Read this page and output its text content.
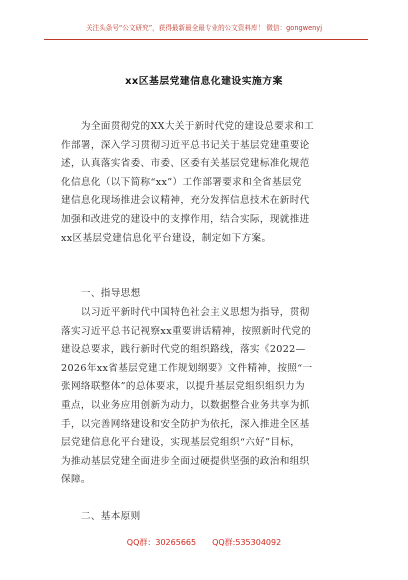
关注头条号“公文研究”，获得最新最全最专业的公文资料库！ 微信：gongwenyj
xx区基层党建信息化建设实施方案
　　为全面贯彻党的XX大关于新时代党的建设总要求和工
作部署，深入学习贯彻习近平总书记关于基层党建重要论
述，认真落实省委、市委、区委有关基层党建标准化规范
化信息化（以下简称“xx”）工作部署要求和全省基层党
建信息化现场推进会议精神，充分发挥信息技术在新时代
加强和改进党的建设中的支撑作用，结合实际，现就推进
xx区基层党建信息化平台建设，制定如下方案。
　　一、指导思想
　　以习近平新时代中国特色社会主义思想为指导，贯彻
落实习近平总书记视察xx重要讲话精神，按照新时代党的
建设总要求，践行新时代党的组织路线，落实《2022—
2026年xx省基层党建工作规划纲要》文件精神，按照“一
张网络联整体”的总体要求，以提升基层党组织组织力为
重点，以业务应用创新为动力，以数据整合业务共享为抓
手，以完善网络建设和安全防护为依托，深入推进全区基
层党建信息化平台建设，实现基层党组织“六好”目标，
为推动基层党建全面进步全面过硬提供坚强的政治和组织
保障。
　　二、基本原则
QQ群：30265665　　QQ群:535304092
